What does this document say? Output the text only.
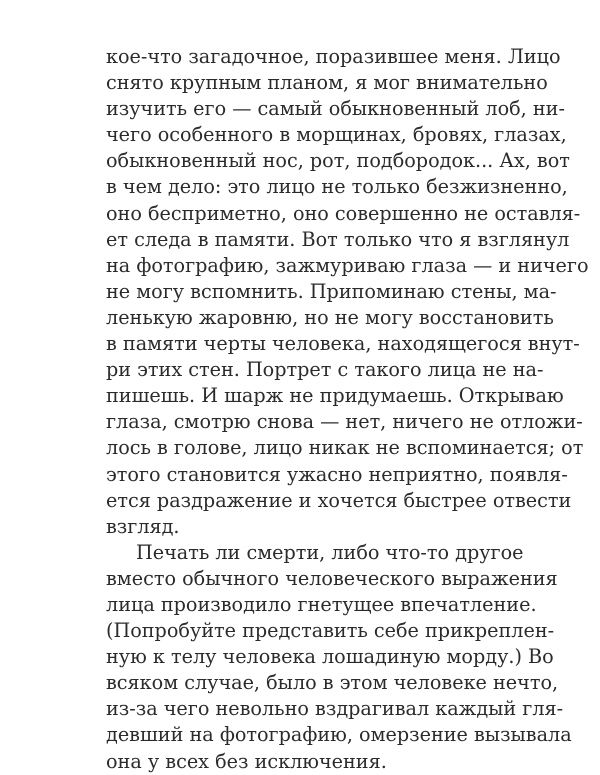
кое-что загадочное, поразившее меня. Лицо
снято крупным планом, я мог внимательно
изучить его — самый обыкновенный лоб, ни-
чего особенного в морщинах, бровях, глазах,
обыкновенный нос, рот, подбородок... Ах, вот
в чем дело: это лицо не только безжизненно,
оно бесприметно, оно совершенно не оставля-
ет следа в памяти. Вот только что я взглянул
на фотографию, зажмуриваю глаза — и ничего
не могу вспомнить. Припоминаю стены, ма-
ленькую жаровню, но не могу восстановить
в памяти черты человека, находящегося внут-
ри этих стен. Портрет с такого лица не на-
пишешь. И шарж не придумаешь. Открываю
глаза, смотрю снова — нет, ничего не отложи-
лось в голове, лицо никак не вспоминается; от
этого становится ужасно неприятно, появля-
ется раздражение и хочется быстрее отвести
взгляд.
Печать ли смерти, либо что-то другое
вместо обычного человеческого выражения
лица производило гнетущее впечатление.
(Попробуйте представить себе прикреплен-
ную к телу человека лошадиную морду.) Во
всяком случае, было в этом человеке нечто,
из-за чего невольно вздрагивал каждый гля-
девший на фотографию, омерзение вызывала
она у всех без исключения.
